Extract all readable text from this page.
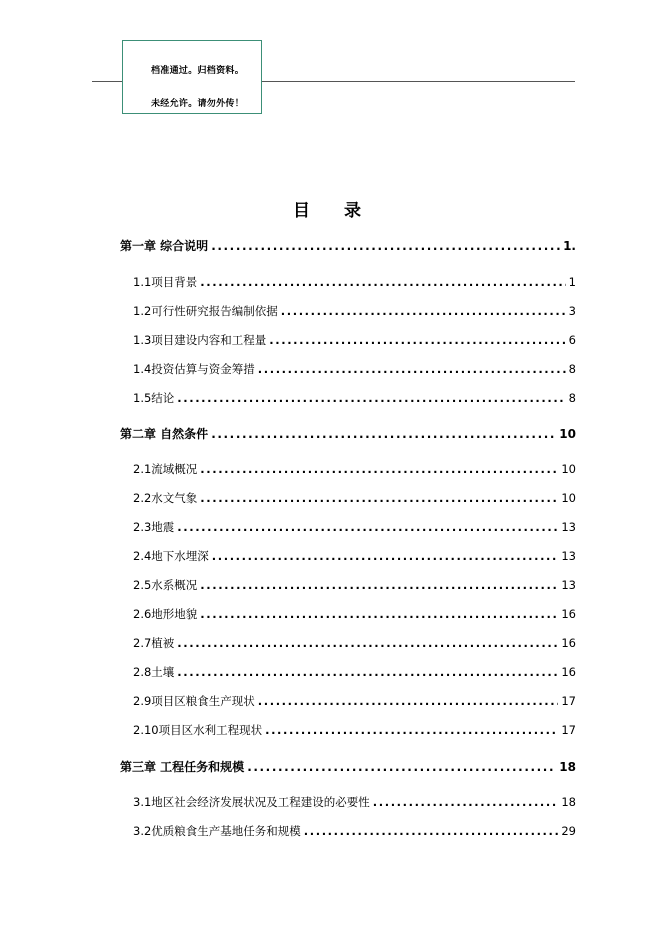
档准通过。归档资料。
未经允许。请勿外传！
目 录
第一章 综合说明 .....	1.
1.1项目背景 .....	1
1.2可行性研究报告编制依据 .....	3
1.3项目建设内容和工程量 .....	6
1.4投资估算与资金筹措 .....	8
1.5结论 .....	8
第二章 自然条件 .....	10
2.1流域概况 .....	10
2.2水文气象 .....	10
2.3地震 .....	13
2.4地下水埋深 .....	13
2.5水系概况 .....	13
2.6地形地貌 .....	16
2.7植被 .....	16
2.8土壤 .....	16
2.9项目区粮食生产现状 .....	17
2.10项目区水利工程现状 .....	17
第三章 工程任务和规模 .....	18
3.1地区社会经济发展状况及工程建设的必要性 .....	18
3.2优质粮食生产基地任务和规模 .....	29
